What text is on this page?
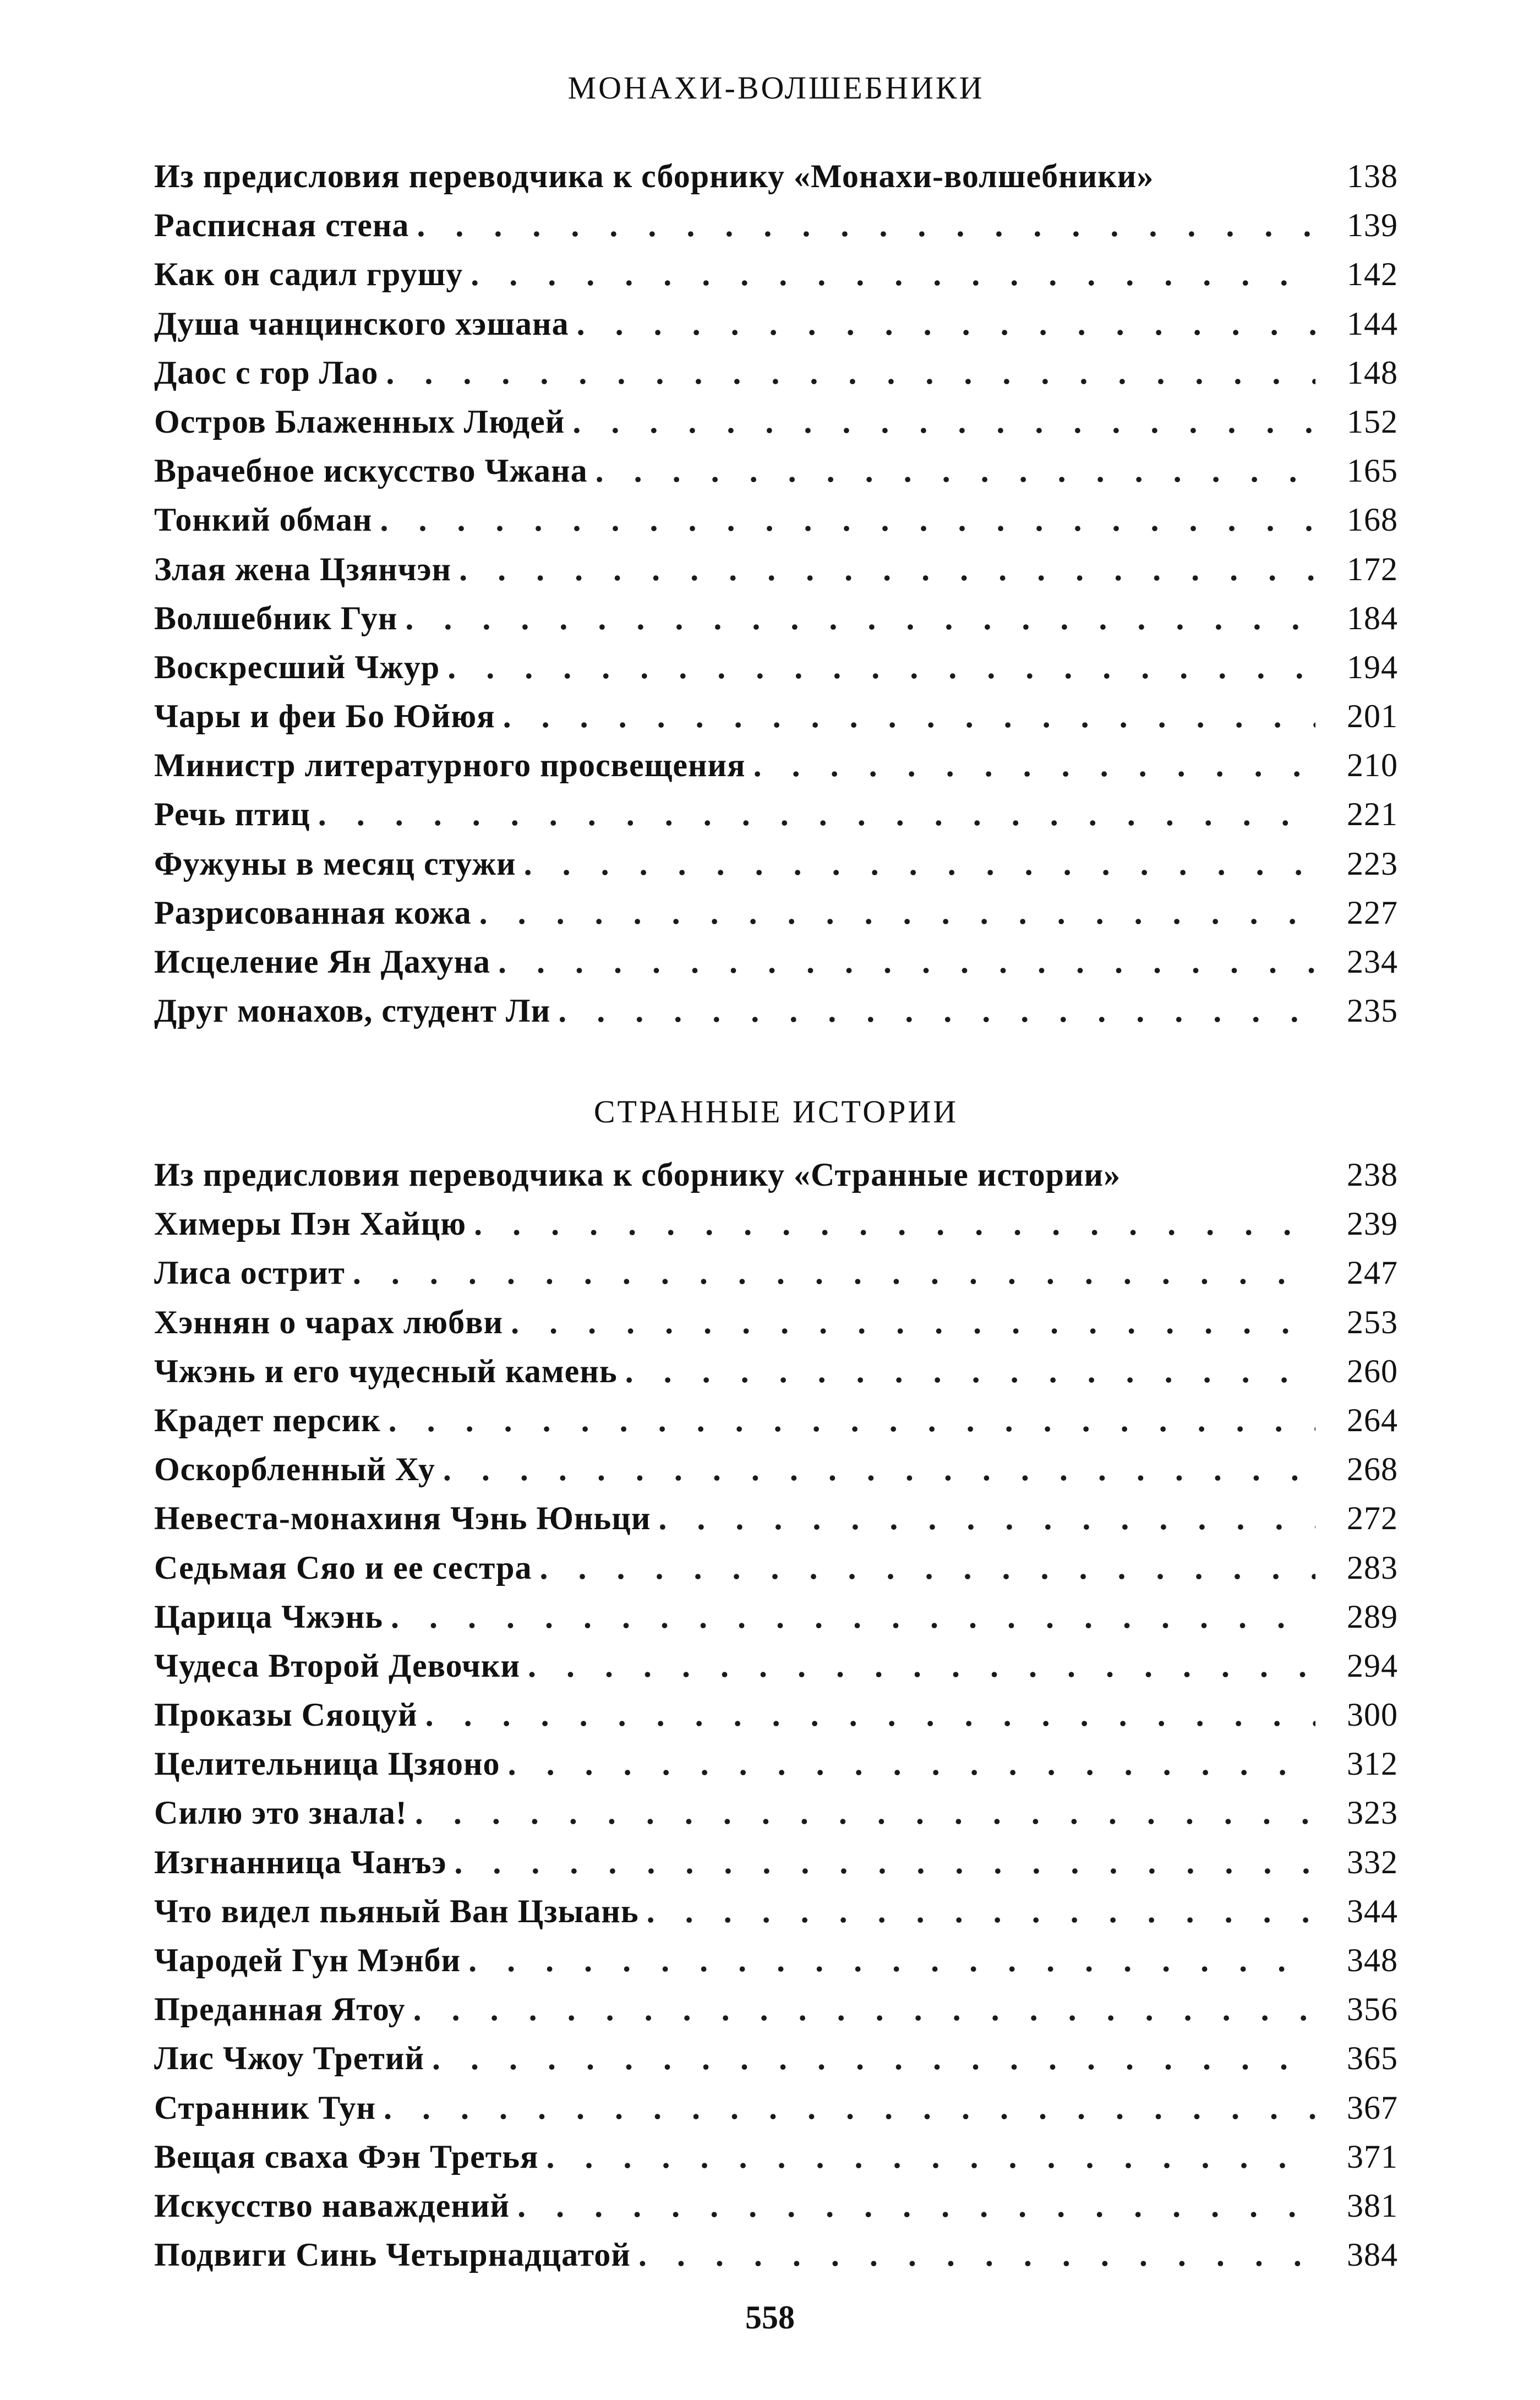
МОНАХИ-ВОЛШЕБНИКИ
Из предисловия переводчика к сборнику «Монахи-волшебники»	138
Расписная стена . . .	139
Как он садил грушу . . .	142
Душа чанцинского хэшана . . .	144
Даос с гор Лао . . .	148
Остров Блаженных Людей . . .	152
Врачебное искусство Чжана . . .	165
Тонкий обман . . .	168
Злая жена Цзянчэн . . .	172
Волшебник Гун . . .	184
Воскресший Чжур . . .	194
Чары и феи Бо Юйюя . . .	201
Министр литературного просвещения . . .	210
Речь птиц . . .	221
Фужуны в месяц стужи . . .	223
Разрисованная кожа . . .	227
Исцеление Ян Дахуна . . .	234
Друг монахов, студент Ли . . .	235
СТРАННЫЕ ИСТОРИИ
Из предисловия переводчика к сборнику «Странные истории»	238
Химеры Пэн Хайцю . . .	239
Лиса острит . . .	247
Хэннян о чарах любви . . .	253
Чжэнь и его чудесный камень . . .	260
Крадет персик . . .	264
Оскорбленный Ху . . .	268
Невеста-монахиня Чэнь Юньци . . .	272
Седьмая Сяо и ее сестра . . .	283
Царица Чжэнь . . .	289
Чудеса Второй Девочки . . .	294
Проказы Сяоцуй . . .	300
Целительница Цзяоно . . .	312
Силю это знала! . . .	323
Изгнанница Чанъэ . . .	332
Что видел пьяный Ван Цзыань . . .	344
Чародей Гун Мэнби . . .	348
Преданная Ятоу . . .	356
Лис Чжоу Третий . . .	365
Странник Тун . . .	367
Вещая сваха Фэн Третья . . .	371
Искусство наваждений . . .	381
Подвиги Синь Четырнадцатой . . .	384
558
